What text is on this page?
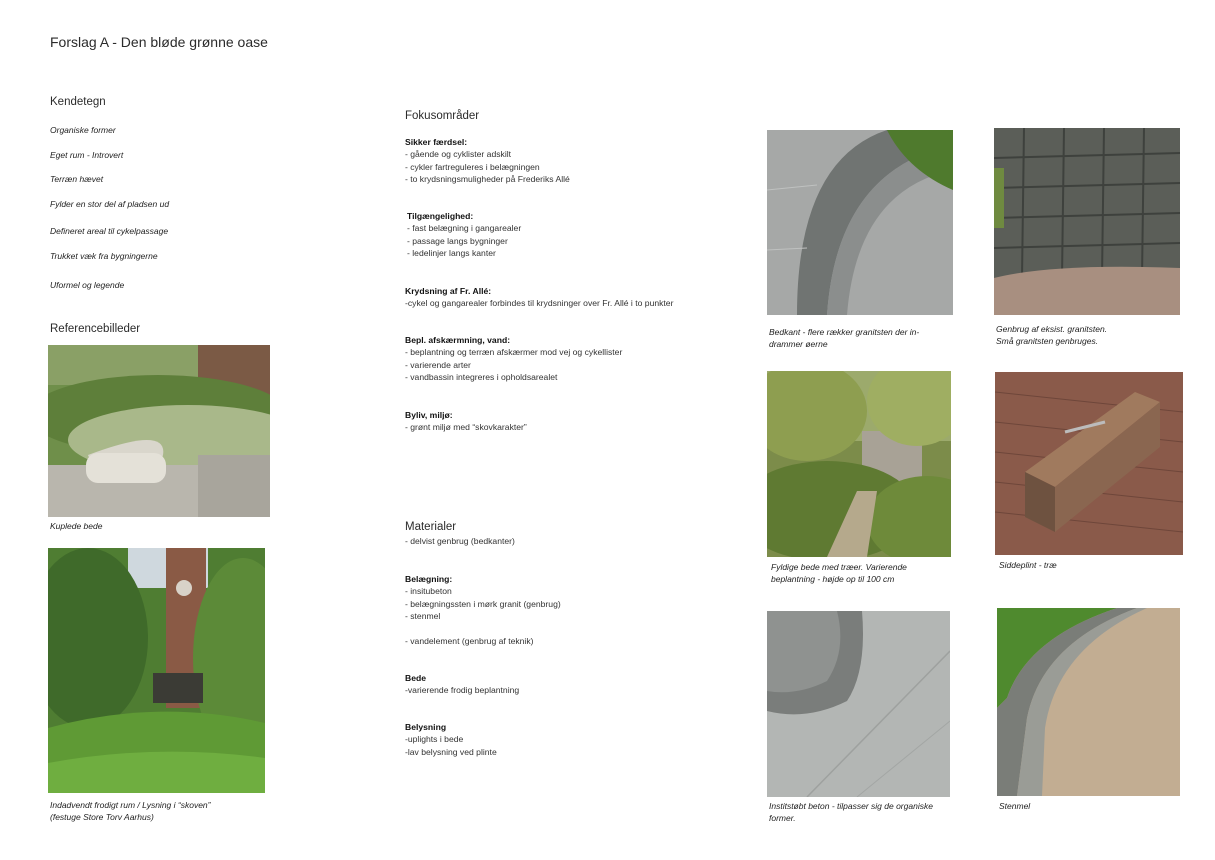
Forslag A - Den bløde grønne oase
Kendetegn
Organiske former
Eget rum - Introvert
Terræn hævet
Fylder en stor del af pladsen ud
Defineret areal til cykelpassage
Trukket væk fra bygningerne
Uformel og legende
Referencebilleder
Kuplede bede
Indadvendt frodigt rum / Lysning i “skoven”
(festuge Store Torv Aarhus)
Fokusområder
Sikker færdsel:
- gående og cyklister adskilt
- cykler fartreguleres i belægningen
- to krydsningsmuligheder på Frederiks Allé
Tilgængelighed:
- fast belægning i gangarealer
- passage langs bygninger
- ledelinjer langs kanter
Krydsning af Fr. Allé:
-cykel og gangarealer forbindes til krydsninger over Fr. Allé i to punkter
Bepl. afskærmning, vand:
- beplantning og terræn afskærmer mod vej og cykellister
- varierende arter
- vandbassin integreres i opholdsarealet
Byliv, miljø:
- grønt miljø med “skovkarakter”
Materialer
- delvist genbrug (bedkanter)
Belægning:
- insitubeton
- belægningssten i mørk granit (genbrug)
- stenmel
- vandelement (genbrug af teknik)
Bede
-varierende frodig beplantning
Belysning
-uplights i bede
-lav belysning ved plinte
Bedkant - flere rækker granitsten der in-
drammer øerne
Genbrug af eksist. granitsten.
Små granitsten genbruges.
Fyldige bede med træer. Varierende
beplantning - højde op til 100 cm
Siddeplint - træ
Institstøbt beton - tilpasser sig de organiske
former.
Stenmel
